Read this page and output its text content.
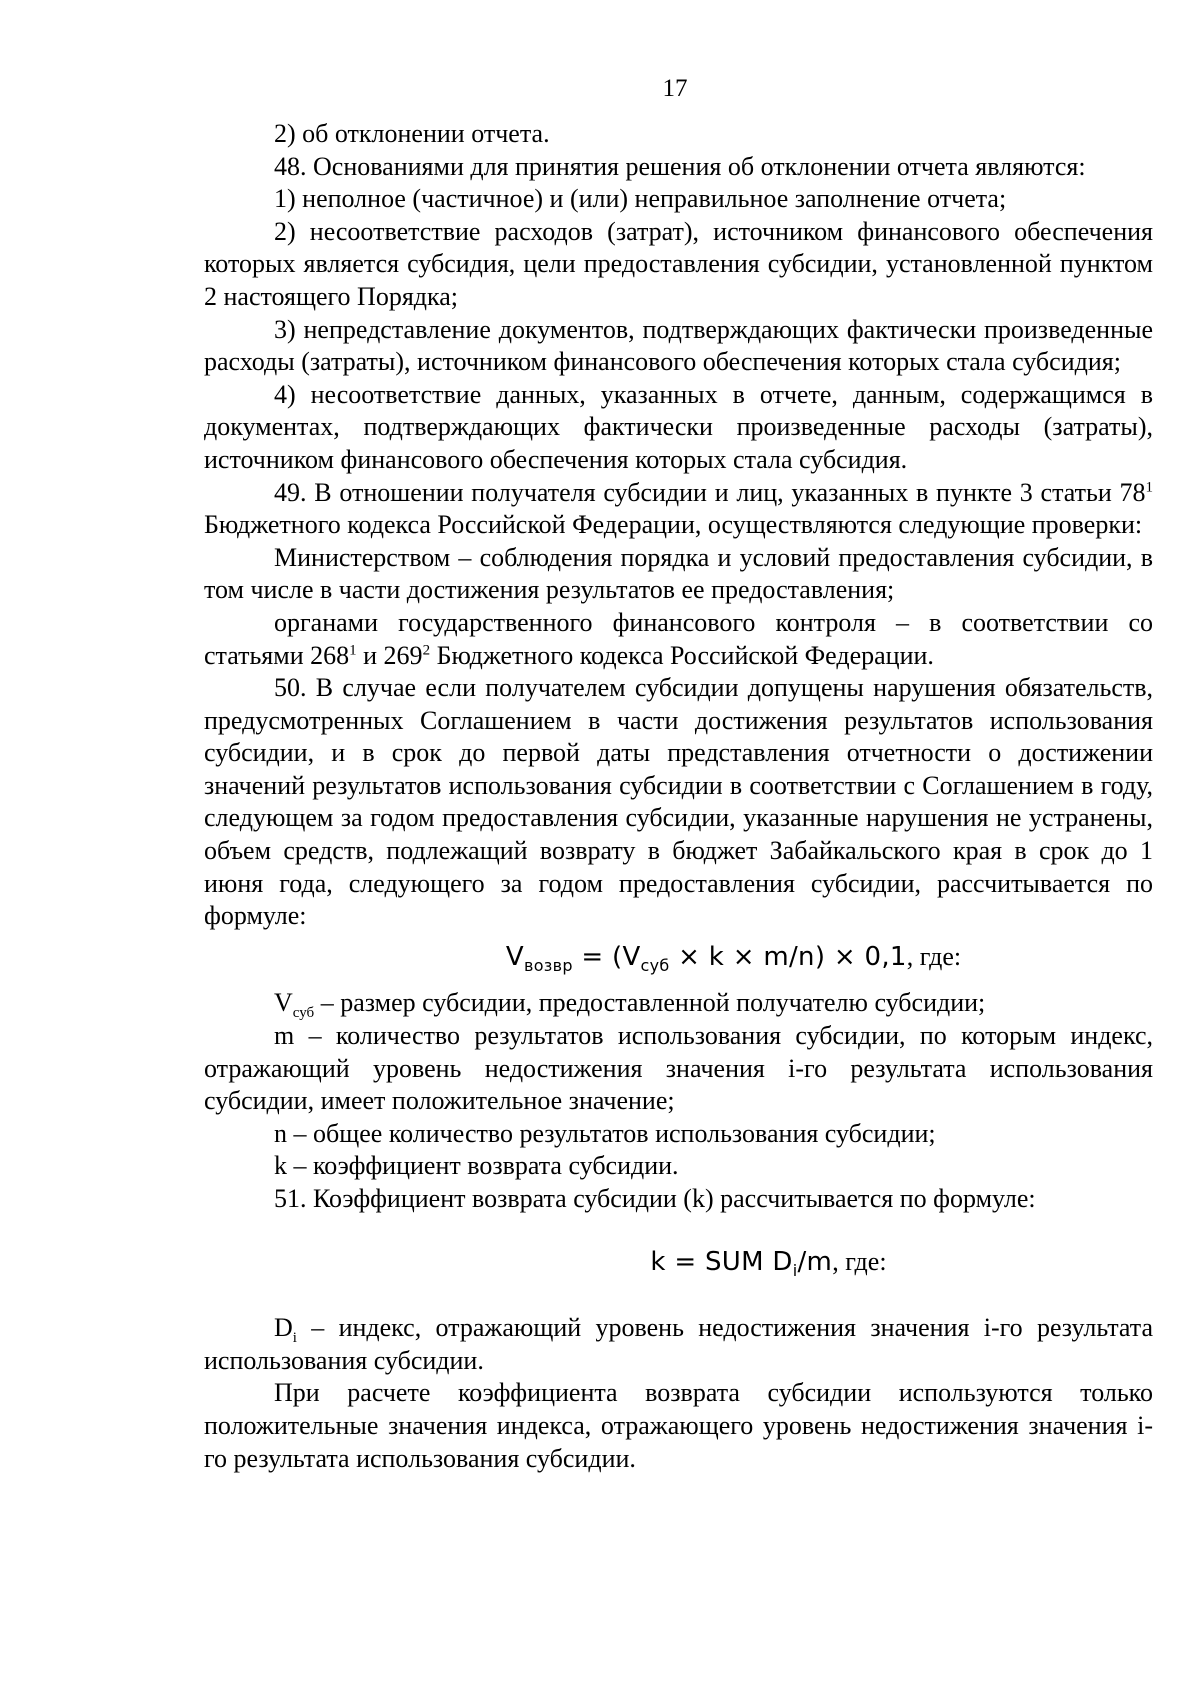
17

2) об отклонении отчета.

48. Основаниями для принятия решения об отклонении отчета являются:

1) неполное (частичное) и (или) неправильное заполнение отчета;

2) несоответствие расходов (затрат), источником финансового обеспечения которых является субсидия, цели предоставления субсидии, установленной пунктом 2 настоящего Порядка;

3) непредставление документов, подтверждающих фактически произведенные расходы (затраты), источником финансового обеспечения которых стала субсидия;

4) несоответствие данных, указанных в отчете, данным, содержащимся в документах, подтверждающих фактически произведенные расходы (затраты), источником финансового обеспечения которых стала субсидия.

49. В отношении получателя субсидии и лиц, указанных в пункте 3 статьи $78^1$ Бюджетного кодекса Российской Федерации, осуществляются следующие проверки:

Министерством – соблюдения порядка и условий предоставления субсидии, в том числе в части достижения результатов ее предоставления;

органами государственного финансового контроля – в соответствии со статьями $268^1$ и $269^2$ Бюджетного кодекса Российской Федерации.

50. В случае если получателем субсидии допущены нарушения обязательств, предусмотренных Соглашением в части достижения результатов использования субсидии, и в срок до первой даты представления отчетности о достижении значений результатов использования субсидии в соответствии с Соглашением в году, следующем за годом предоставления субсидии, указанные нарушения не устранены, объем средств, подлежащий возврату в бюджет Забайкальского края в срок до 1 июня года, следующего за годом предоставления субсидии, рассчитывается по формуле:

$V_{возвр} = (V_{суб} \times k \times m/n) \times 0,1$, где:

$V_{суб}$ – размер субсидии, предоставленной получателю субсидии;

m – количество результатов использования субсидии, по которым индекс, отражающий уровень недостижения значения i-го результата использования субсидии, имеет положительное значение;

n – общее количество результатов использования субсидии;

k – коэффициент возврата субсидии.

51. Коэффициент возврата субсидии (k) рассчитывается по формуле:

k = SUM $D_i/m$, где:

$D_i$ – индекс, отражающий уровень недостижения значения i-го результата использования субсидии.

При расчете коэффициента возврата субсидии используются только положительные значения индекса, отражающего уровень недостижения значения i-го результата использования субсидии.
